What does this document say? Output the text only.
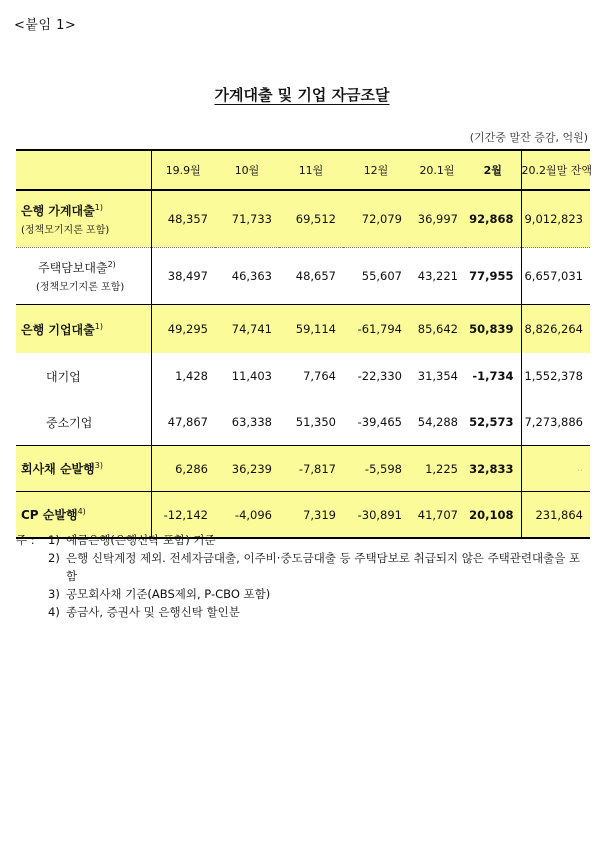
<붙임 1>
가계대출 및 기업 자금조달
(기간중 말잔 증감, 억원)
	19.9월	10월	11월	12월	20.1월	2월	20.2월말 잔액
은행 가계대출$^{1)}$
(정책모기지론 포함)	48,357	71,733	69,512	72,079	36,997	92,868	9,012,823
주택담보대출$^{2)}$
(정책모기지론 포함)	38,497	46,363	48,657	55,607	43,221	77,955	6,657,031
은행 기업대출$^{1)}$	49,295	74,741	59,114	-61,794	85,642	50,839	8,826,264
대기업	1,428	11,403	7,764	-22,330	31,354	-1,734	1,552,378
중소기업	47,867	63,338	51,350	-39,465	54,288	52,573	7,273,886
회사채 순발행$^{3)}$	6,286	36,239	-7,817	-5,598	1,225	32,833	..
CP 순발행$^{4)}$	-12,142	-4,096	7,319	-30,891	41,707	20,108	231,864
주 :	1) 예금은행(은행신탁 포함) 기준
2) 은행 신탁계정 제외. 전세자금대출, 이주비·중도금대출 등 주택담보로 취급되지 않은 주택관련대출을 포함
3) 공모회사채 기준(ABS제외, P-CBO 포함)
4) 종금사, 증권사 및 은행신탁 할인분
